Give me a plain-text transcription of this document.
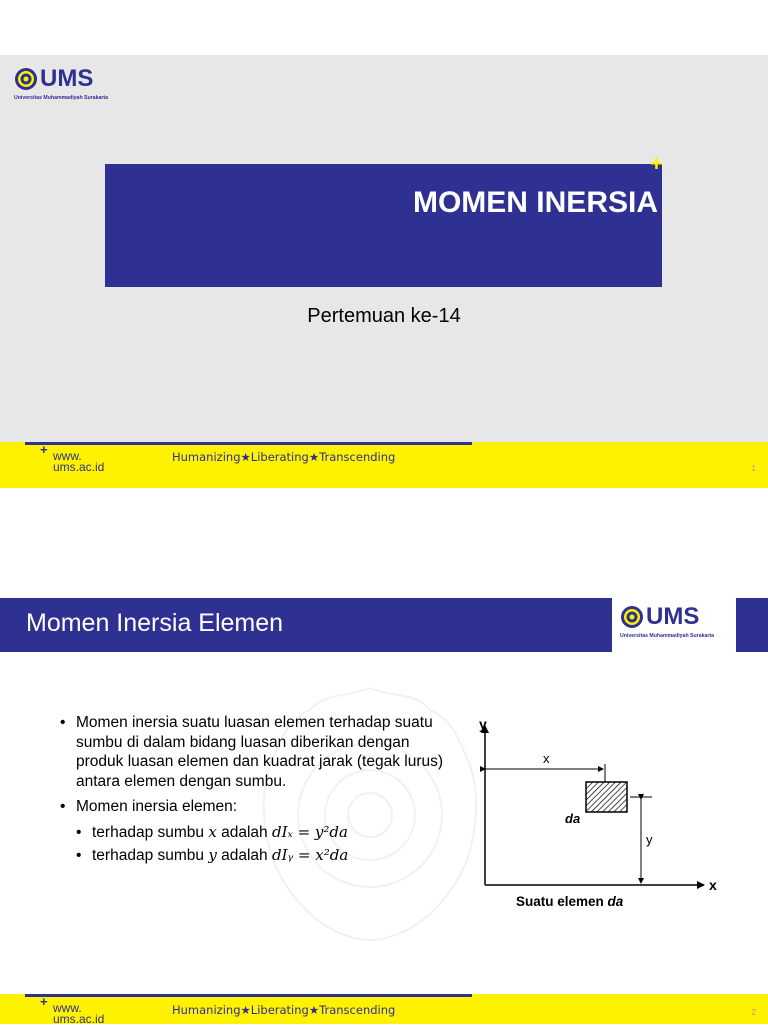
UMS
Universitas Muhammadiyah Surakarta
MOMEN INERSIA
+
Pertemuan ke-14
+ www.
ums.ac.id
Humanizing★Liberating★Transcending
1
Momen Inersia Elemen	UMS
Universitas Muhammadiyah Surakarta
• Momen inersia suatu luasan elemen terhadap suatu sumbu di dalam bidang luasan diberikan dengan produk luasan elemen dan kuadrat jarak (tegak lurus) antara elemen dengan sumbu.
• Momen inersia elemen:
• terhadap sumbu x adalah dIₓ = y²da
• terhadap sumbu y adalah dIᵧ = x²da
y
x
x
da
y
Suatu elemen da
+ www.
ums.ac.id
Humanizing★Liberating★Transcending	2
